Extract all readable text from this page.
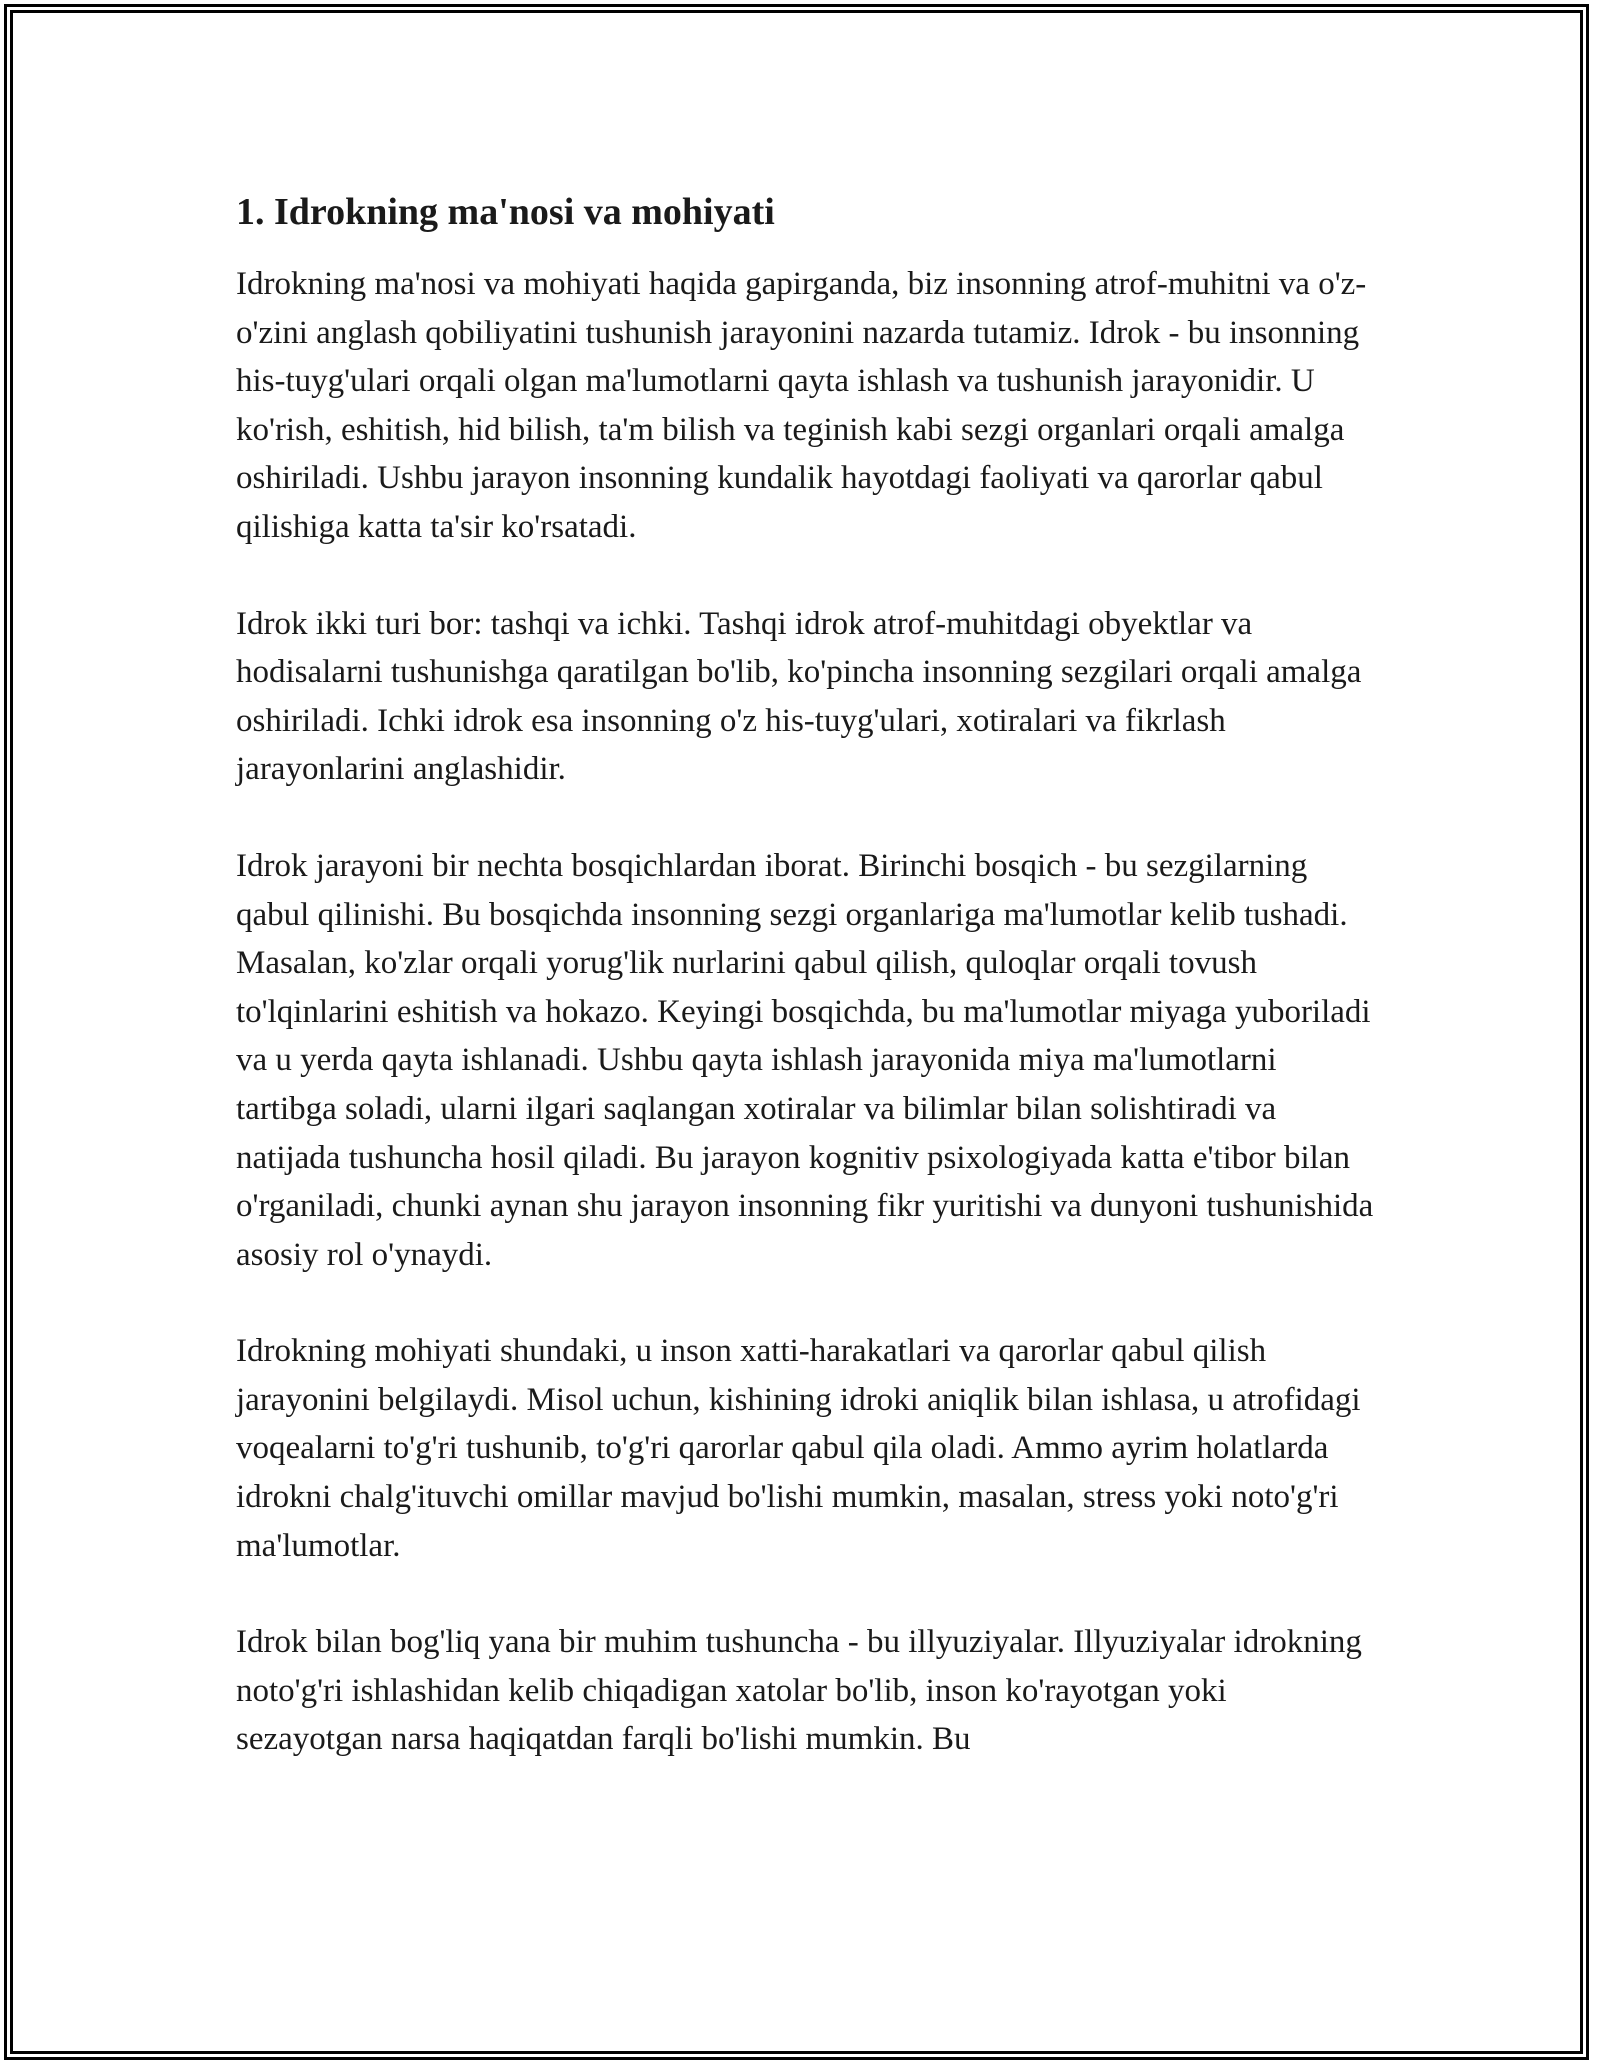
1. Idrokning ma'nosi va mohiyati

Idrokning ma'nosi va mohiyati haqida gapirganda, biz insonning atrof-muhitni va o'z-o'zini anglash qobiliyatini tushunish jarayonini nazarda tutamiz. Idrok - bu insonning his-tuyg'ulari orqali olgan ma'lumotlarni qayta ishlash va tushunish jarayonidir. U ko'rish, eshitish, hid bilish, ta'm bilish va teginish kabi sezgi organlari orqali amalga oshiriladi. Ushbu jarayon insonning kundalik hayotdagi faoliyati va qarorlar qabul qilishiga katta ta'sir ko'rsatadi.

Idrok ikki turi bor: tashqi va ichki. Tashqi idrok atrof-muhitdagi obyektlar va hodisalarni tushunishga qaratilgan bo'lib, ko'pincha insonning sezgilari orqali amalga oshiriladi. Ichki idrok esa insonning o'z his-tuyg'ulari, xotiralari va fikrlash jarayonlarini anglashidir.

Idrok jarayoni bir nechta bosqichlardan iborat. Birinchi bosqich - bu sezgilarning qabul qilinishi. Bu bosqichda insonning sezgi organlariga ma'lumotlar kelib tushadi. Masalan, ko'zlar orqali yorug'lik nurlarini qabul qilish, quloqlar orqali tovush to'lqinlarini eshitish va hokazo. Keyingi bosqichda, bu ma'lumotlar miyaga yuboriladi va u yerda qayta ishlanadi. Ushbu qayta ishlash jarayonida miya ma'lumotlarni tartibga soladi, ularni ilgari saqlangan xotiralar va bilimlar bilan solishtiradi va natijada tushuncha hosil qiladi. Bu jarayon kognitiv psixologiyada katta e'tibor bilan o'rganiladi, chunki aynan shu jarayon insonning fikr yuritishi va dunyoni tushunishida asosiy rol o'ynaydi.

Idrokning mohiyati shundaki, u inson xatti-harakatlari va qarorlar qabul qilish jarayonini belgilaydi. Misol uchun, kishining idroki aniqlik bilan ishlasa, u atrofidagi voqealarni to'g'ri tushunib, to'g'ri qarorlar qabul qila oladi. Ammo ayrim holatlarda idrokni chalg'ituvchi omillar mavjud bo'lishi mumkin, masalan, stress yoki noto'g'ri ma'lumotlar.

Idrok bilan bog'liq yana bir muhim tushuncha - bu illyuziyalar. Illyuziyalar idrokning noto'g'ri ishlashidan kelib chiqadigan xatolar bo'lib, inson ko'rayotgan yoki sezayotgan narsa haqiqatdan farqli bo'lishi mumkin. Bu
